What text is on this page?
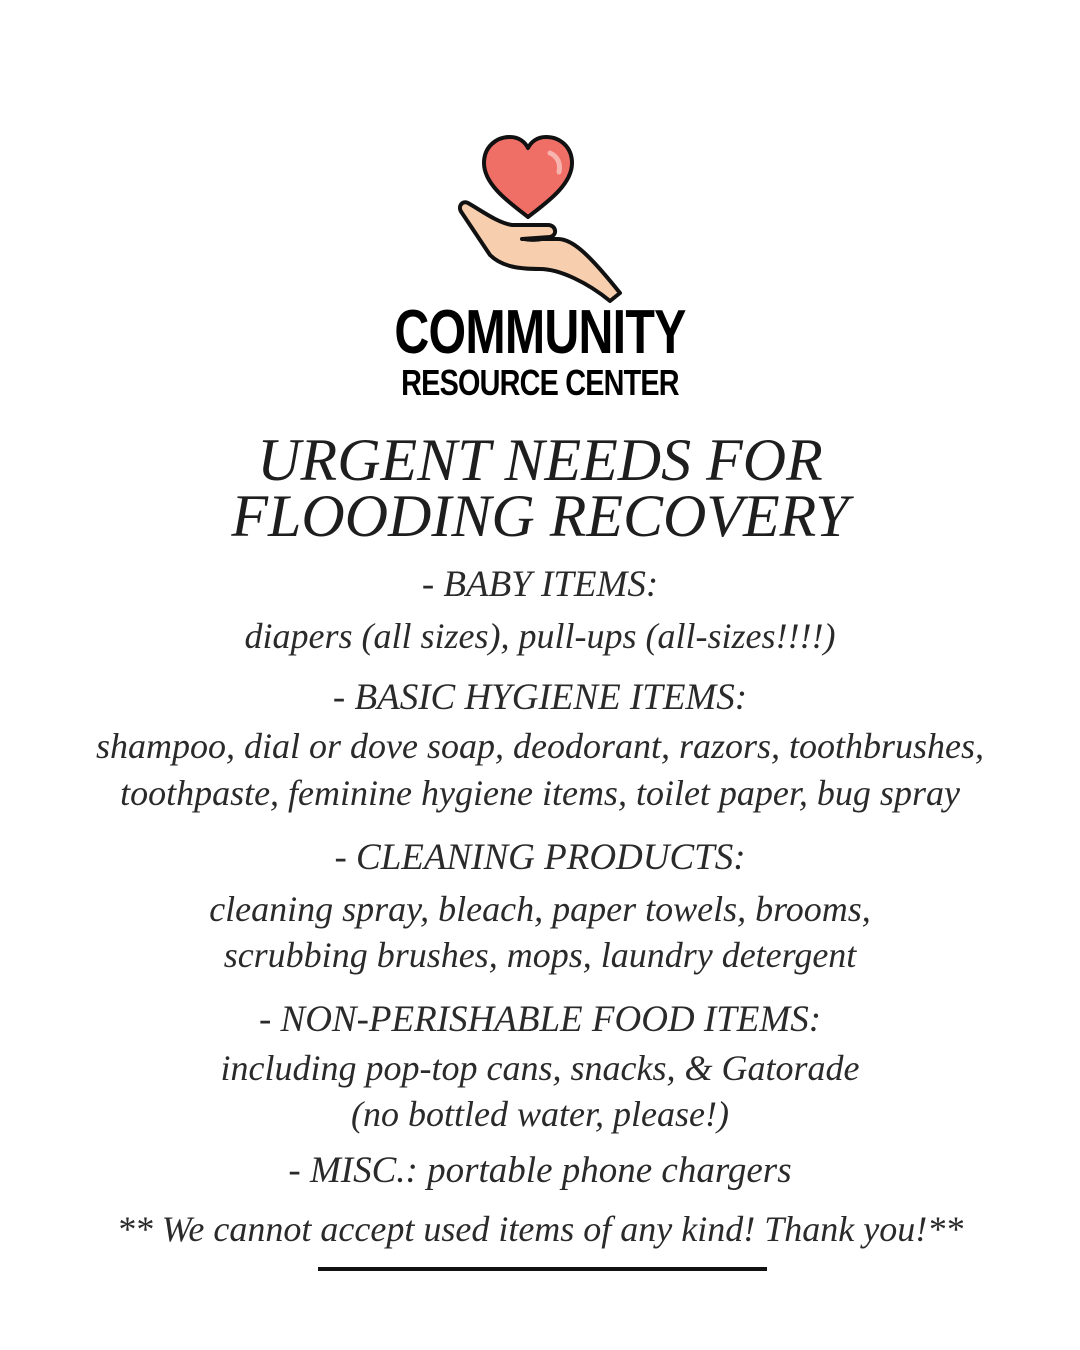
COMMUNITY
RESOURCE CENTER
URGENT NEEDS FOR
FLOODING RECOVERY
- BABY ITEMS:
diapers (all sizes), pull-ups (all-sizes!!!!)
- BASIC HYGIENE ITEMS:
shampoo, dial or dove soap, deodorant, razors, toothbrushes,
toothpaste, feminine hygiene items, toilet paper, bug spray
- CLEANING PRODUCTS:
cleaning spray, bleach, paper towels, brooms,
scrubbing brushes, mops, laundry detergent
- NON-PERISHABLE FOOD ITEMS:
including pop-top cans, snacks, & Gatorade
(no bottled water, please!)
- MISC.: portable phone chargers
** We cannot accept used items of any kind! Thank you!**
